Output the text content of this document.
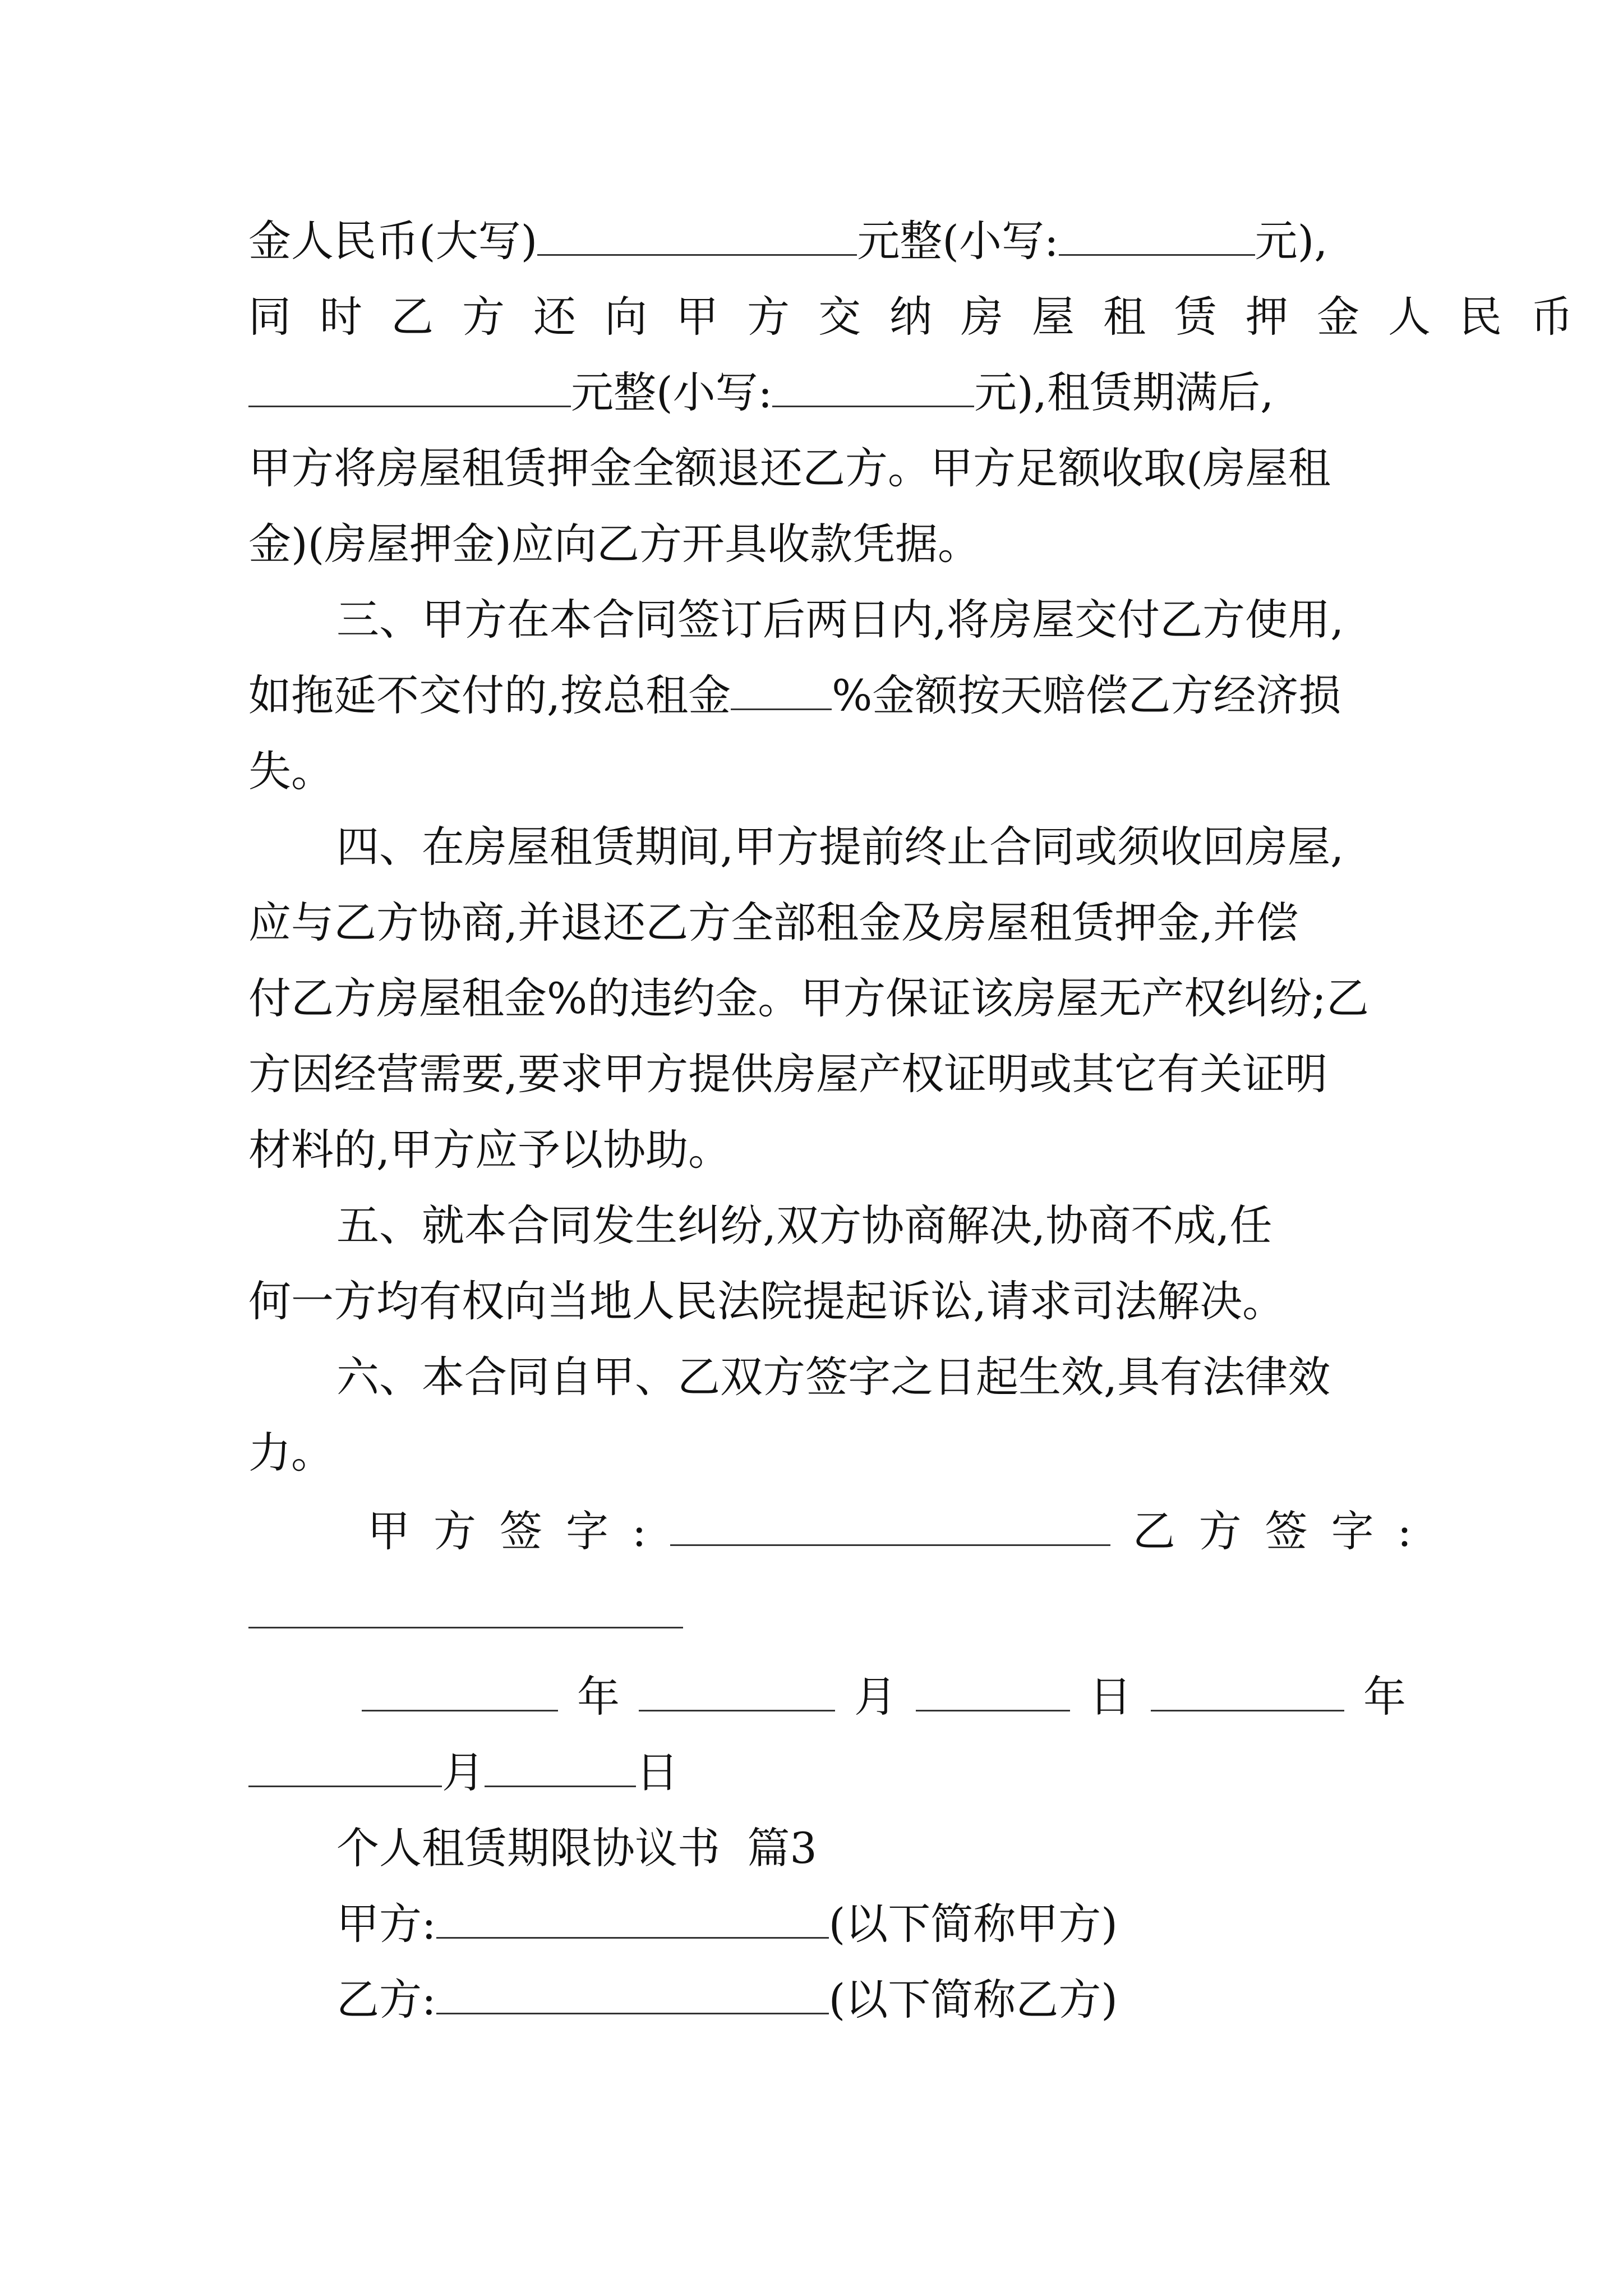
金人民币(大写)	元整(小写:	元),
同时乙方还向甲方交纳房屋租赁押金人民币
元整(小写:	元),租赁期满后,
甲方将房屋租赁押金全额退还乙方。甲方足额收取(房屋租
金)(房屋押金)应向乙方开具收款凭据。
三、甲方在本合同签订后两日内,将房屋交付乙方使用,
如拖延不交付的,按总租金 %金额按天赔偿乙方经济损
失。
四、在房屋租赁期间,甲方提前终止合同或须收回房屋,
应与乙方协商,并退还乙方全部租金及房屋租赁押金,并偿
付乙方房屋租金%的违约金。甲方保证该房屋无产权纠纷;乙
方因经营需要,要求甲方提供房屋产权证明或其它有关证明
材料的,甲方应予以协助。
五、就本合同发生纠纷,双方协商解决,协商不成,任
何一方均有权向当地人民法院提起诉讼,请求司法解决。
六、本合同自甲、乙双方签字之日起生效,具有法律效
力。
甲方签字:	乙方签字:
年	月	日	年
月	日
个人租赁期限协议书  篇3
甲方:	(以下简称甲方)
乙方:	(以下简称乙方)
